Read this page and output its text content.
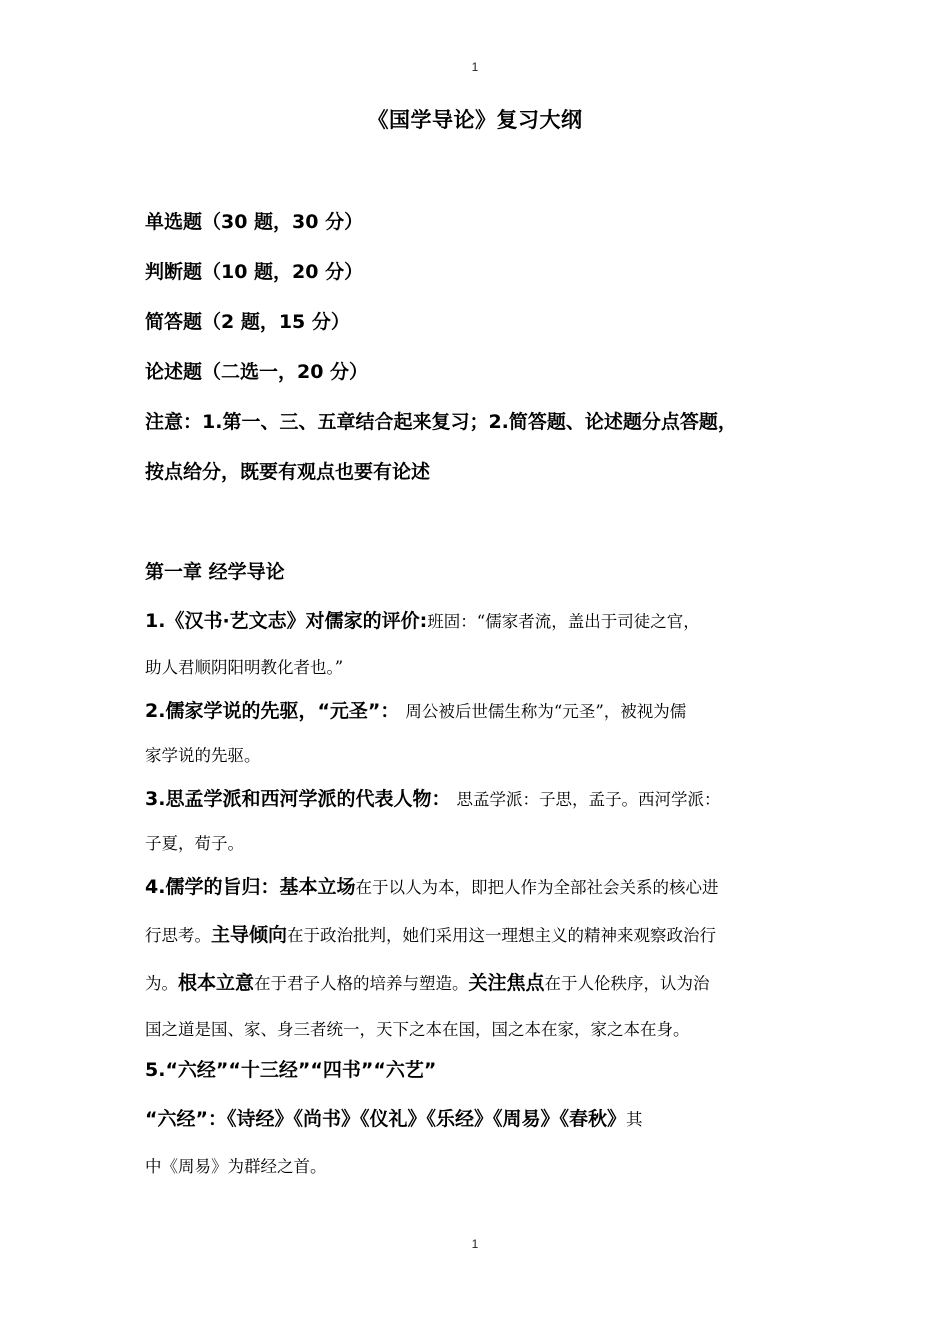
1
《国学导论》复习大纲
单选题（30 题，30 分）
判断题（10 题，20 分）
简答题（2 题，15 分）
论述题（二选一，20 分）
注意：1.第一、三、五章结合起来复习；2.简答题、论述题分点答题，
按点给分，既要有观点也要有论述
第一章 经学导论
1.《汉书·艺文志》对儒家的评价:班固：“儒家者流，盖出于司徒之官，
助人君顺阴阳明教化者也。”
2.儒家学说的先驱，“元圣”： 周公被后世儒生称为“元圣”，被视为儒
家学说的先驱。
3.思孟学派和西河学派的代表人物： 思孟学派：子思，孟子。西河学派：
子夏，荀子。
4.儒学的旨归：基本立场在于以人为本，即把人作为全部社会关系的核心进
行思考。主导倾向在于政治批判，她们采用这一理想主义的精神来观察政治行
为。根本立意在于君子人格的培养与塑造。关注焦点在于人伦秩序，认为治
国之道是国、家、身三者统一，天下之本在国，国之本在家，家之本在身。
5.“六经”“十三经”“四书”“六艺”
“六经”：《诗经》《尚书》《仪礼》《乐经》《周易》《春秋》其
中《周易》为群经之首。
1
